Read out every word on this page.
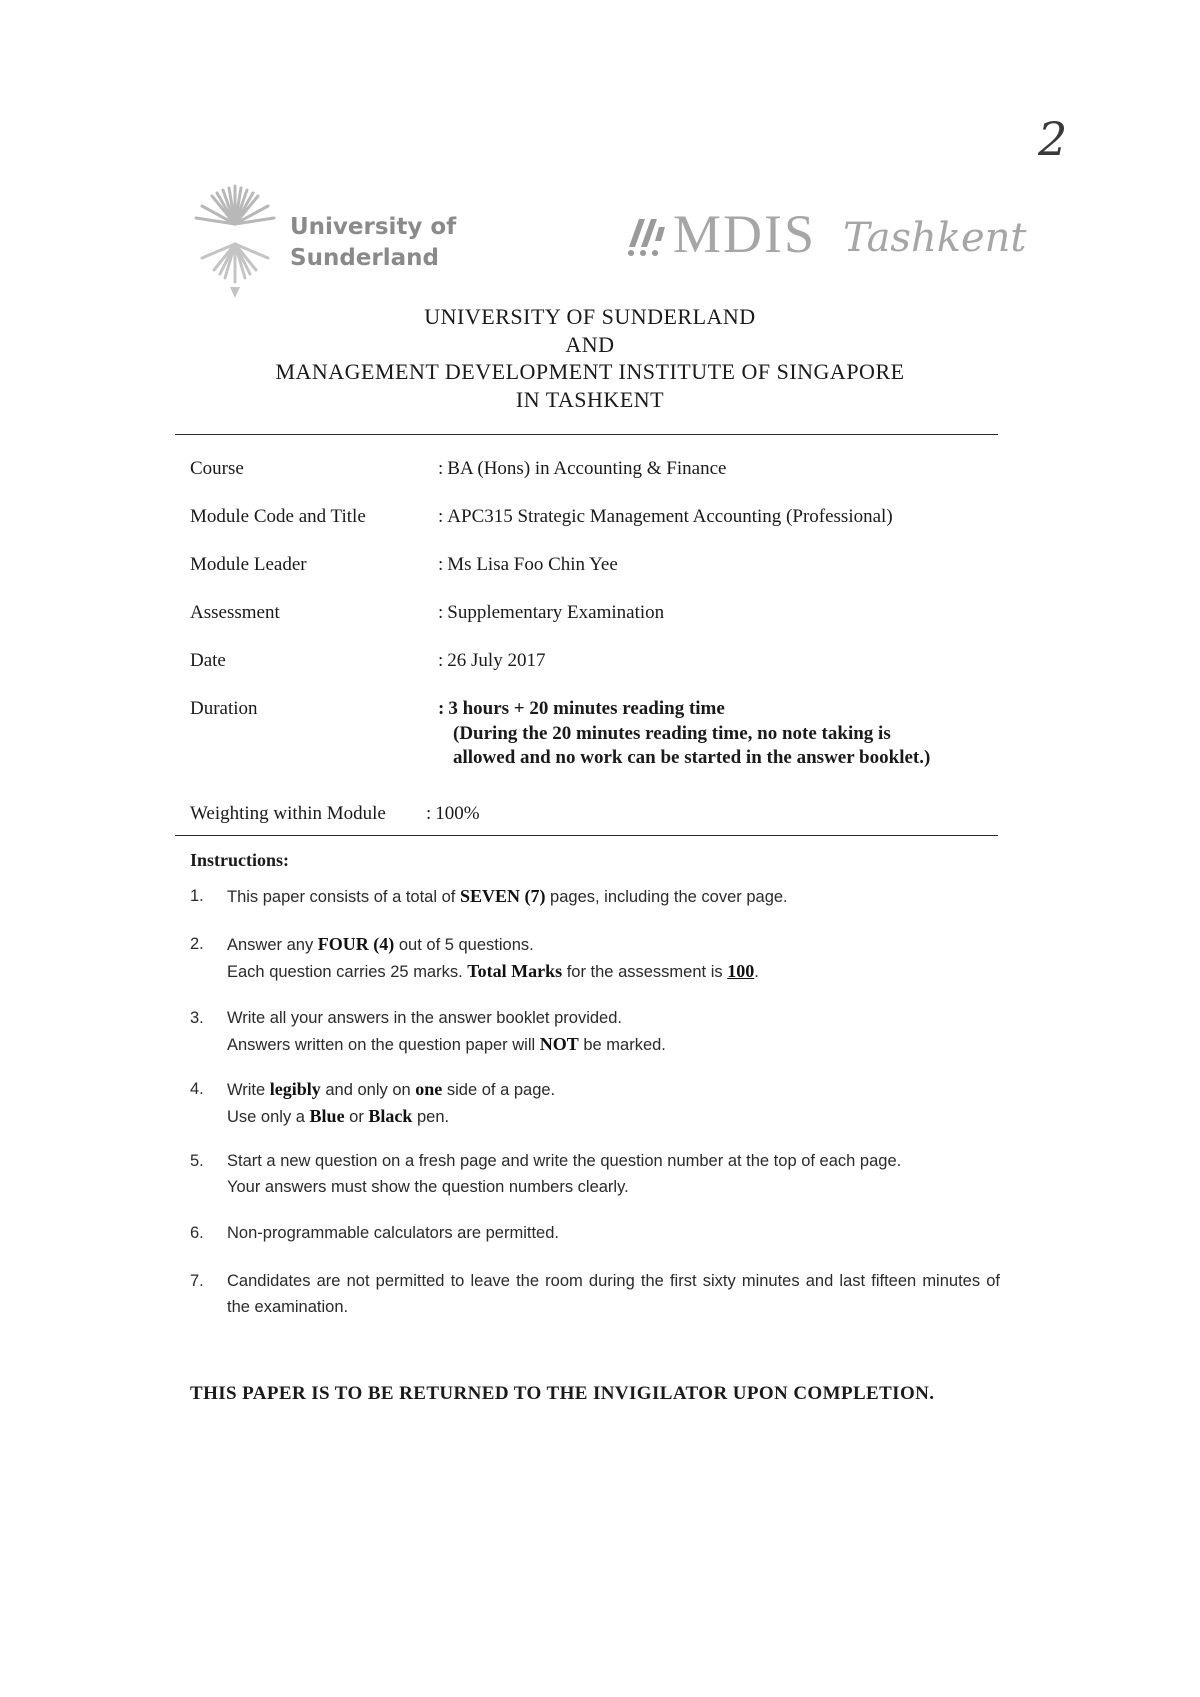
2
University of
Sunderland	MDIS Tashkent
UNIVERSITY OF SUNDERLAND
AND
MANAGEMENT DEVELOPMENT INSTITUTE OF SINGAPORE
IN TASHKENT
Course	: BA (Hons) in Accounting & Finance
Module Code and Title	: APC315 Strategic Management Accounting (Professional)
Module Leader	: Ms Lisa Foo Chin Yee
Assessment	: Supplementary Examination
Date	: 26 July 2017
Duration	: 3 hours + 20 minutes reading time
(During the 20 minutes reading time, no note taking is
allowed and no work can be started in the answer booklet.)
Weighting within Module : 100%
Instructions:
1. This paper consists of a total of SEVEN (7) pages, including the cover page.
2. Answer any FOUR (4) out of 5 questions.
Each question carries 25 marks. Total Marks for the assessment is 100.
3. Write all your answers in the answer booklet provided.
Answers written on the question paper will NOT be marked.
4. Write legibly and only on one side of a page.
Use only a Blue or Black pen.
5. Start a new question on a fresh page and write the question number at the top of each page.
Your answers must show the question numbers clearly.
6. Non-programmable calculators are permitted.
7. Candidates are not permitted to leave the room during the first sixty minutes and last fifteen minutes of the examination.
THIS PAPER IS TO BE RETURNED TO THE INVIGILATOR UPON COMPLETION.
